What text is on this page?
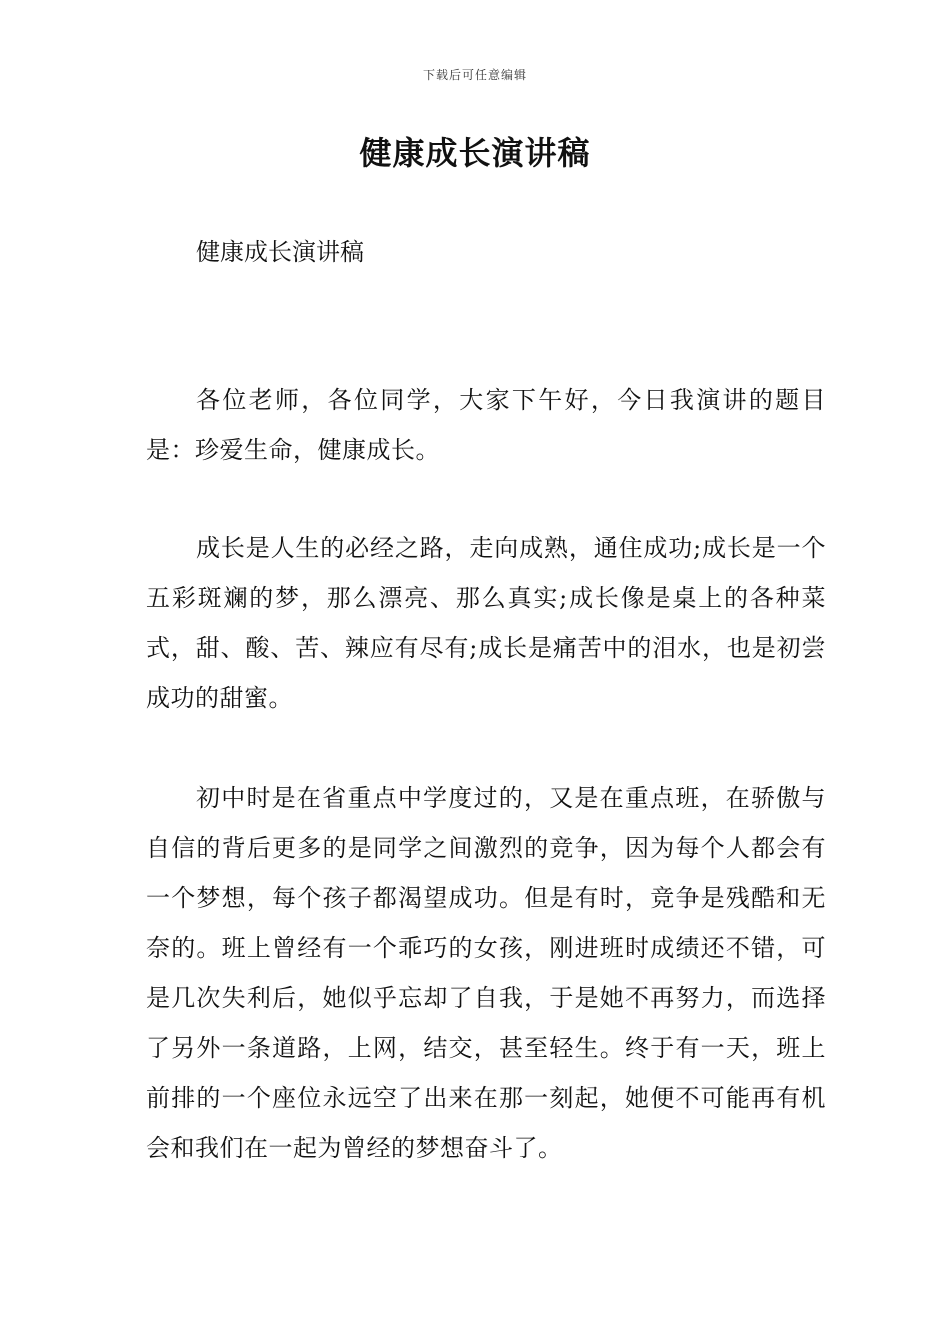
下载后可任意编辑
健康成长演讲稿
健康成长演讲稿

各位老师，各位同学，大家下午好，今日我演讲的题目是：珍爱生命，健康成长。

成长是人生的必经之路，走向成熟，通住成功;成长是一个五彩斑斓的梦，那么漂亮、那么真实;成长像是桌上的各种菜式，甜、酸、苦、辣应有尽有;成长是痛苦中的泪水，也是初尝成功的甜蜜。

初中时是在省重点中学度过的，又是在重点班，在骄傲与自信的背后更多的是同学之间激烈的竞争，因为每个人都会有一个梦想，每个孩子都渴望成功。但是有时，竞争是残酷和无奈的。班上曾经有一个乖巧的女孩，刚进班时成绩还不错，可是几次失利后，她似乎忘却了自我，于是她不再努力，而选择了另外一条道路，上网，结交，甚至轻生。终于有一天，班上前排的一个座位永远空了出来在那一刻起，她便不可能再有机会和我们在一起为曾经的梦想奋斗了。
